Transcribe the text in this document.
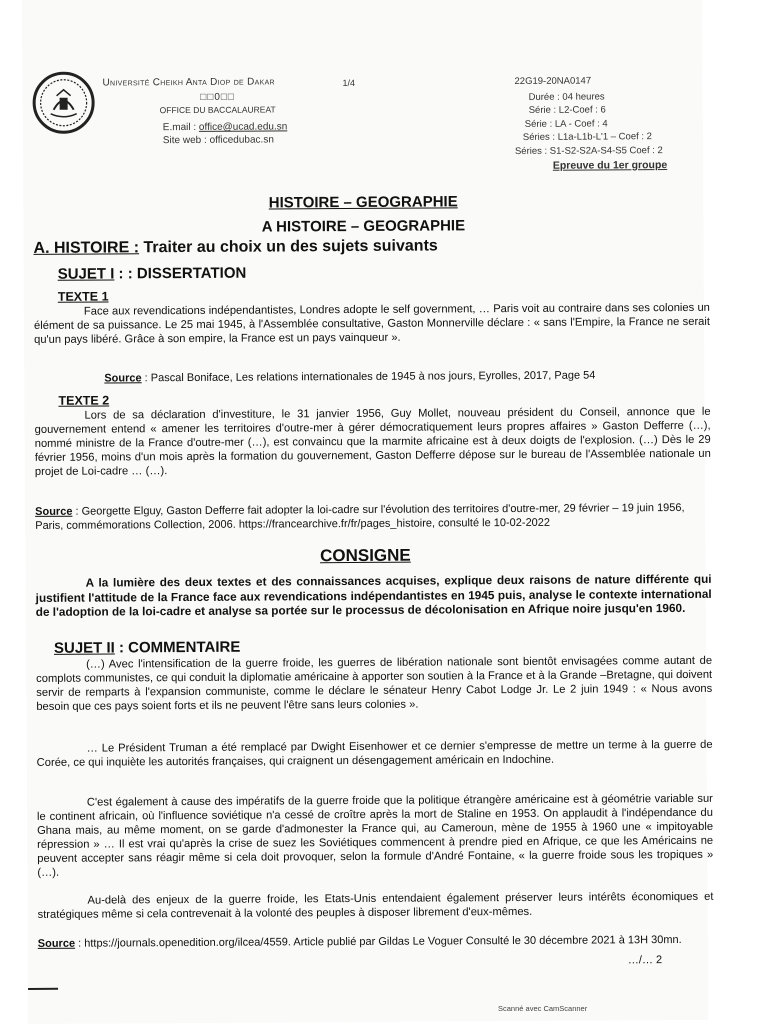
Université Cheikh Anta Diop de Dakar
□□0□□
OFFICE DU BACCALAUREAT
E.mail : office@ucad.edu.sn
Site web : officedubac.sn
1/4	22G19-20NA0147
Durée : 04 heures
Série : L2-Coef : 6
Série : LA - Coef : 4
Séries : L1a-L1b-L'1 – Coef : 2
Séries : S1-S2-S2A-S4-S5 Coef : 2
Epreuve du 1er groupe
HISTOIRE – GEOGRAPHIE
A HISTOIRE – GEOGRAPHIE
A. HISTOIRE : Traiter au choix un des sujets suivants
SUJET I : : DISSERTATION
TEXTE 1
Face aux revendications indépendantistes, Londres adopte le self government, … Paris voit au contraire dans ses colonies un élément de sa puissance. Le 25 mai 1945, à l'Assemblée consultative, Gaston Monnerville déclare : « sans l'Empire, la France ne serait qu'un pays libéré. Grâce à son empire, la France est un pays vainqueur ».
Source : Pascal Boniface, Les relations internationales de 1945 à nos jours, Eyrolles, 2017, Page 54
TEXTE 2
Lors de sa déclaration d'investiture, le 31 janvier 1956, Guy Mollet, nouveau président du Conseil, annonce que le gouvernement entend « amener les territoires d'outre-mer à gérer démocratiquement leurs propres affaires » Gaston Defferre (…), nommé ministre de la France d'outre-mer (…), est convaincu que la marmite africaine est à deux doigts de l'explosion. (…) Dès le 29 février 1956, moins d'un mois après la formation du gouvernement, Gaston Defferre dépose sur le bureau de l'Assemblée nationale un projet de Loi-cadre … (…).
Source : Georgette Elguy, Gaston Defferre fait adopter la loi-cadre sur l'évolution des territoires d'outre-mer, 29 février – 19 juin 1956, Paris, commémorations Collection, 2006. https://francearchive.fr/fr/pages_histoire, consulté le 10-02-2022
CONSIGNE
A la lumière des deux textes et des connaissances acquises, explique deux raisons de nature différente qui justifient l'attitude de la France face aux revendications indépendantistes en 1945 puis, analyse le contexte international de l'adoption de la loi-cadre et analyse sa portée sur le processus de décolonisation en Afrique noire jusqu'en 1960.
SUJET II : COMMENTAIRE
(…) Avec l'intensification de la guerre froide, les guerres de libération nationale sont bientôt envisagées comme autant de complots communistes, ce qui conduit la diplomatie américaine à apporter son soutien à la France et à la Grande –Bretagne, qui doivent servir de remparts à l'expansion communiste, comme le déclare le sénateur Henry Cabot Lodge Jr. Le 2 juin 1949 : « Nous avons besoin que ces pays soient forts et ils ne peuvent l'être sans leurs colonies ».
… Le Président Truman a été remplacé par Dwight Eisenhower et ce dernier s'empresse de mettre un terme à la guerre de Corée, ce qui inquiète les autorités françaises, qui craignent un désengagement américain en Indochine.
C'est également à cause des impératifs de la guerre froide que la politique étrangère américaine est à géométrie variable sur le continent africain, où l'influence soviétique n'a cessé de croître après la mort de Staline en 1953. On applaudit à l'indépendance du Ghana mais, au même moment, on se garde d'admonester la France qui, au Cameroun, mène de 1955 à 1960 une « impitoyable répression » … Il est vrai qu'après la crise de suez les Soviétiques commencent à prendre pied en Afrique, ce que les Américains ne peuvent accepter sans réagir même si cela doit provoquer, selon la formule d'André Fontaine, « la guerre froide sous les tropiques » (…).
Au-delà des enjeux de la guerre froide, les Etats-Unis entendaient également préserver leurs intérêts économiques et stratégiques même si cela contrevenait à la volonté des peuples à disposer librement d'eux-mêmes.
Source : https://journals.openedition.org/ilcea/4559. Article publié par Gildas Le Voguer Consulté le 30 décembre 2021 à 13H 30mn.
…/… 2
Scanné avec CamScanner
